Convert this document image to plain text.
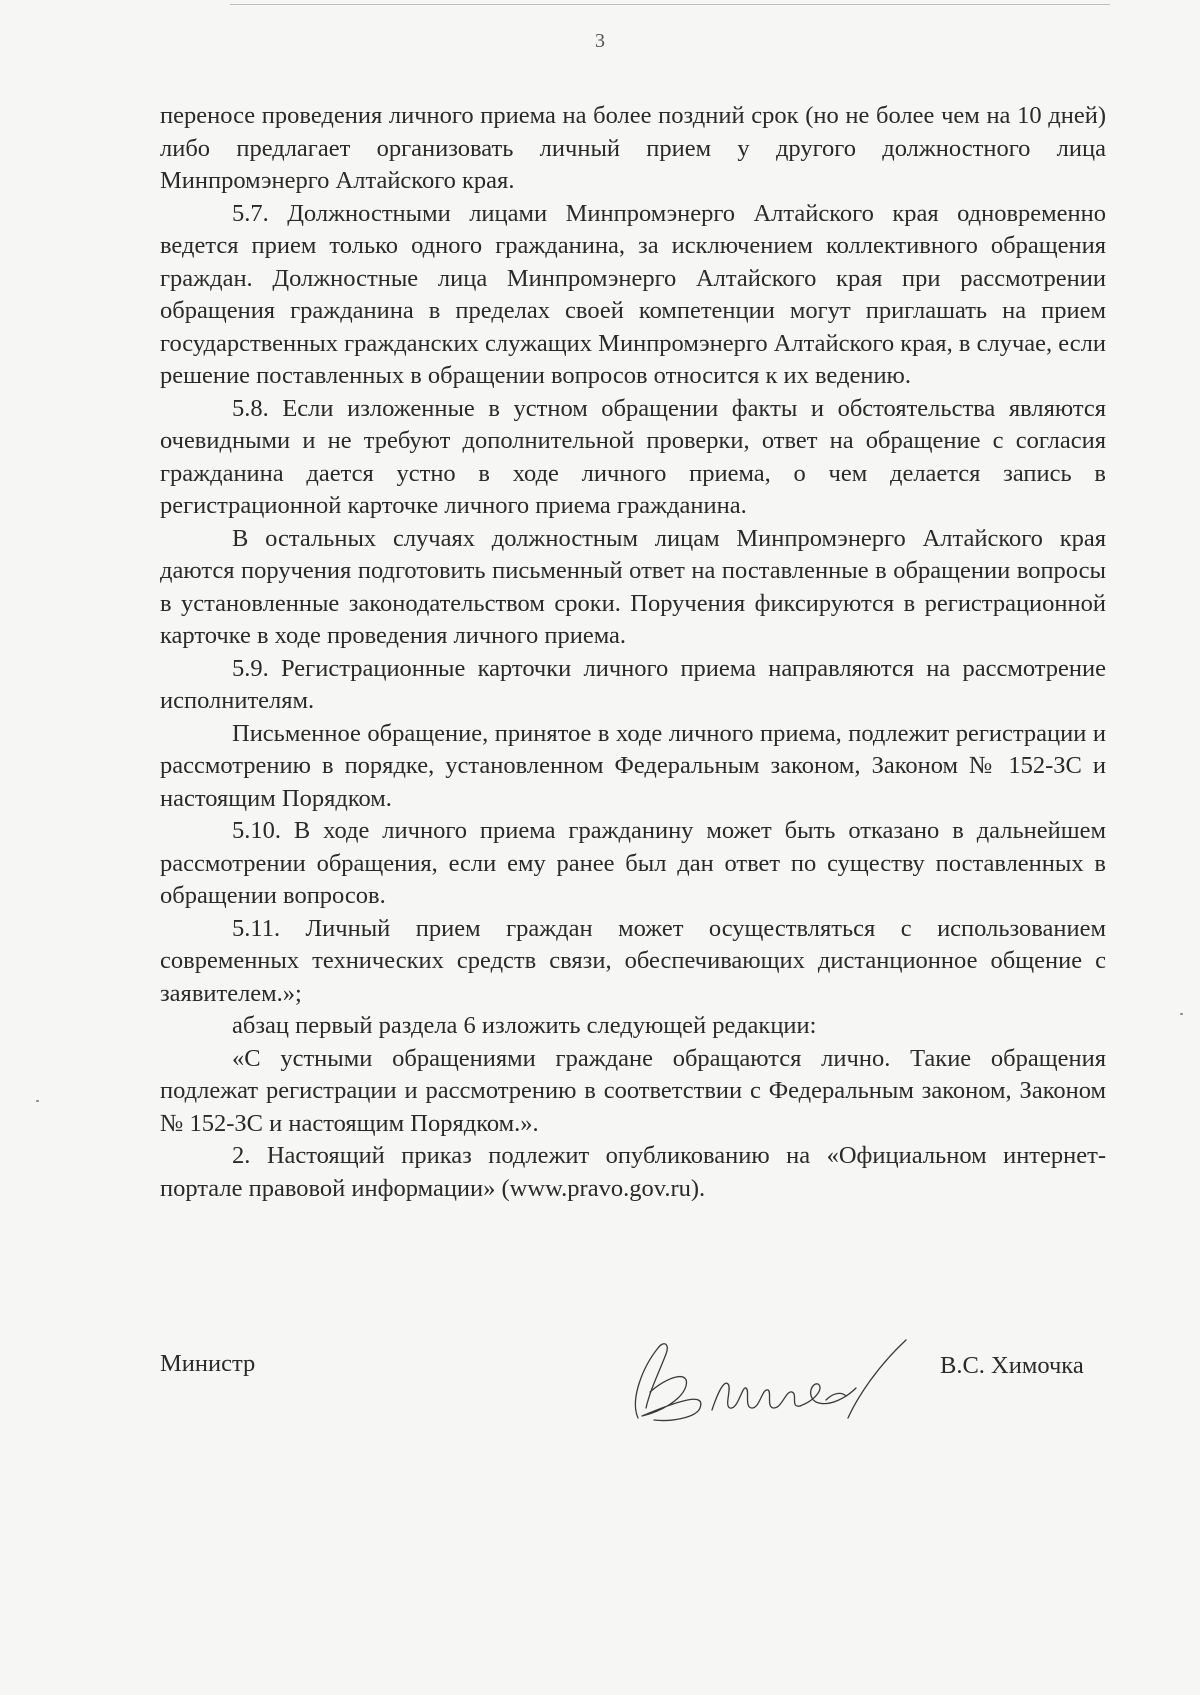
3

переносе проведения личного приема на более поздний срок (но не более чем на 10 дней) либо предлагает организовать личный прием у другого должностного лица Минпромэнерго Алтайского края.

5.7. Должностными лицами Минпромэнерго Алтайского края одновременно ведется прием только одного гражданина, за исключением коллективного обращения граждан. Должностные лица Минпромэнерго Алтайского края при рассмотрении обращения гражданина в пределах своей компетенции могут приглашать на прием государственных гражданских служащих Минпромэнерго Алтайского края, в случае, если решение поставленных в обращении вопросов относится к их ведению.

5.8. Если изложенные в устном обращении факты и обстоятельства являются очевидными и не требуют дополнительной проверки, ответ на обращение с согласия гражданина дается устно в ходе личного приема, о чем делается запись в регистрационной карточке личного приема гражданина.

В остальных случаях должностным лицам Минпромэнерго Алтайского края даются поручения подготовить письменный ответ на поставленные в обращении вопросы в установленные законодательством сроки. Поручения фиксируются в регистрационной карточке в ходе проведения личного приема.

5.9. Регистрационные карточки личного приема направляются на рассмотрение исполнителям.

Письменное обращение, принятое в ходе личного приема, подлежит регистрации и рассмотрению в порядке, установленном Федеральным законом, Законом № 152-ЗС и настоящим Порядком.

5.10. В ходе личного приема гражданину может быть отказано в дальнейшем рассмотрении обращения, если ему ранее был дан ответ по существу поставленных в обращении вопросов.

5.11. Личный прием граждан может осуществляться с использованием современных технических средств связи, обеспечивающих дистанционное общение с заявителем.»;

абзац первый раздела 6 изложить следующей редакции:

«С устными обращениями граждане обращаются лично. Такие обращения подлежат регистрации и рассмотрению в соответствии с Федеральным законом, Законом № 152-ЗС и настоящим Порядком.».

2. Настоящий приказ подлежит опубликованию на «Официальном интернет-портале правовой информации» (www.pravo.gov.ru).

Министр	В.С. Химочка
